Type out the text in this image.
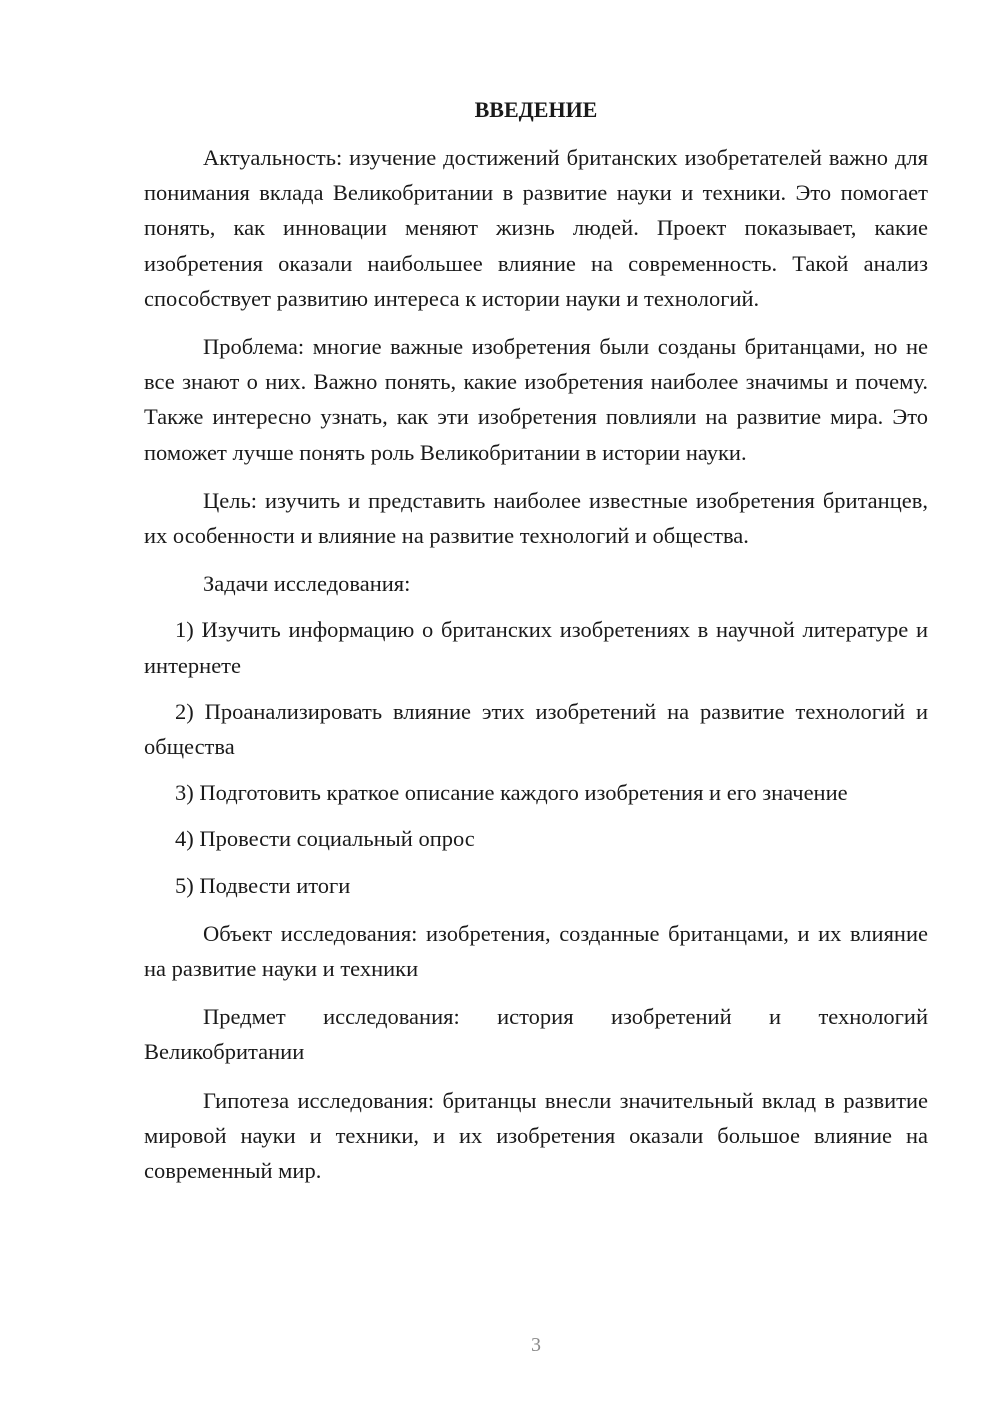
ВВЕДЕНИЕ

Актуальность: изучение достижений британских изобретателей важно для понимания вклада Великобритании в развитие науки и техники. Это помогает понять, как инновации меняют жизнь людей. Проект показывает, какие изобретения оказали наибольшее влияние на современность. Такой анализ способствует развитию интереса к истории науки и технологий.

Проблема: многие важные изобретения были созданы британцами, но не все знают о них. Важно понять, какие изобретения наиболее значимы и почему. Также интересно узнать, как эти изобретения повлияли на развитие мира. Это поможет лучше понять роль Великобритании в истории науки.

Цель: изучить и представить наиболее известные изобретения британцев, их особенности и влияние на развитие технологий и общества.

Задачи исследования:

1) Изучить информацию о британских изобретениях в научной литературе и интернете

2) Проанализировать влияние этих изобретений на развитие технологий и общества

3) Подготовить краткое описание каждого изобретения и его значение

4) Провести социальный опрос

5) Подвести итоги

Объект исследования: изобретения, созданные британцами, и их влияние на развитие науки и техники

Предмет исследования: история изобретений и технологий Великобритании

Гипотеза исследования: британцы внесли значительный вклад в развитие мировой науки и техники, и их изобретения оказали большое влияние на современный мир.

3
